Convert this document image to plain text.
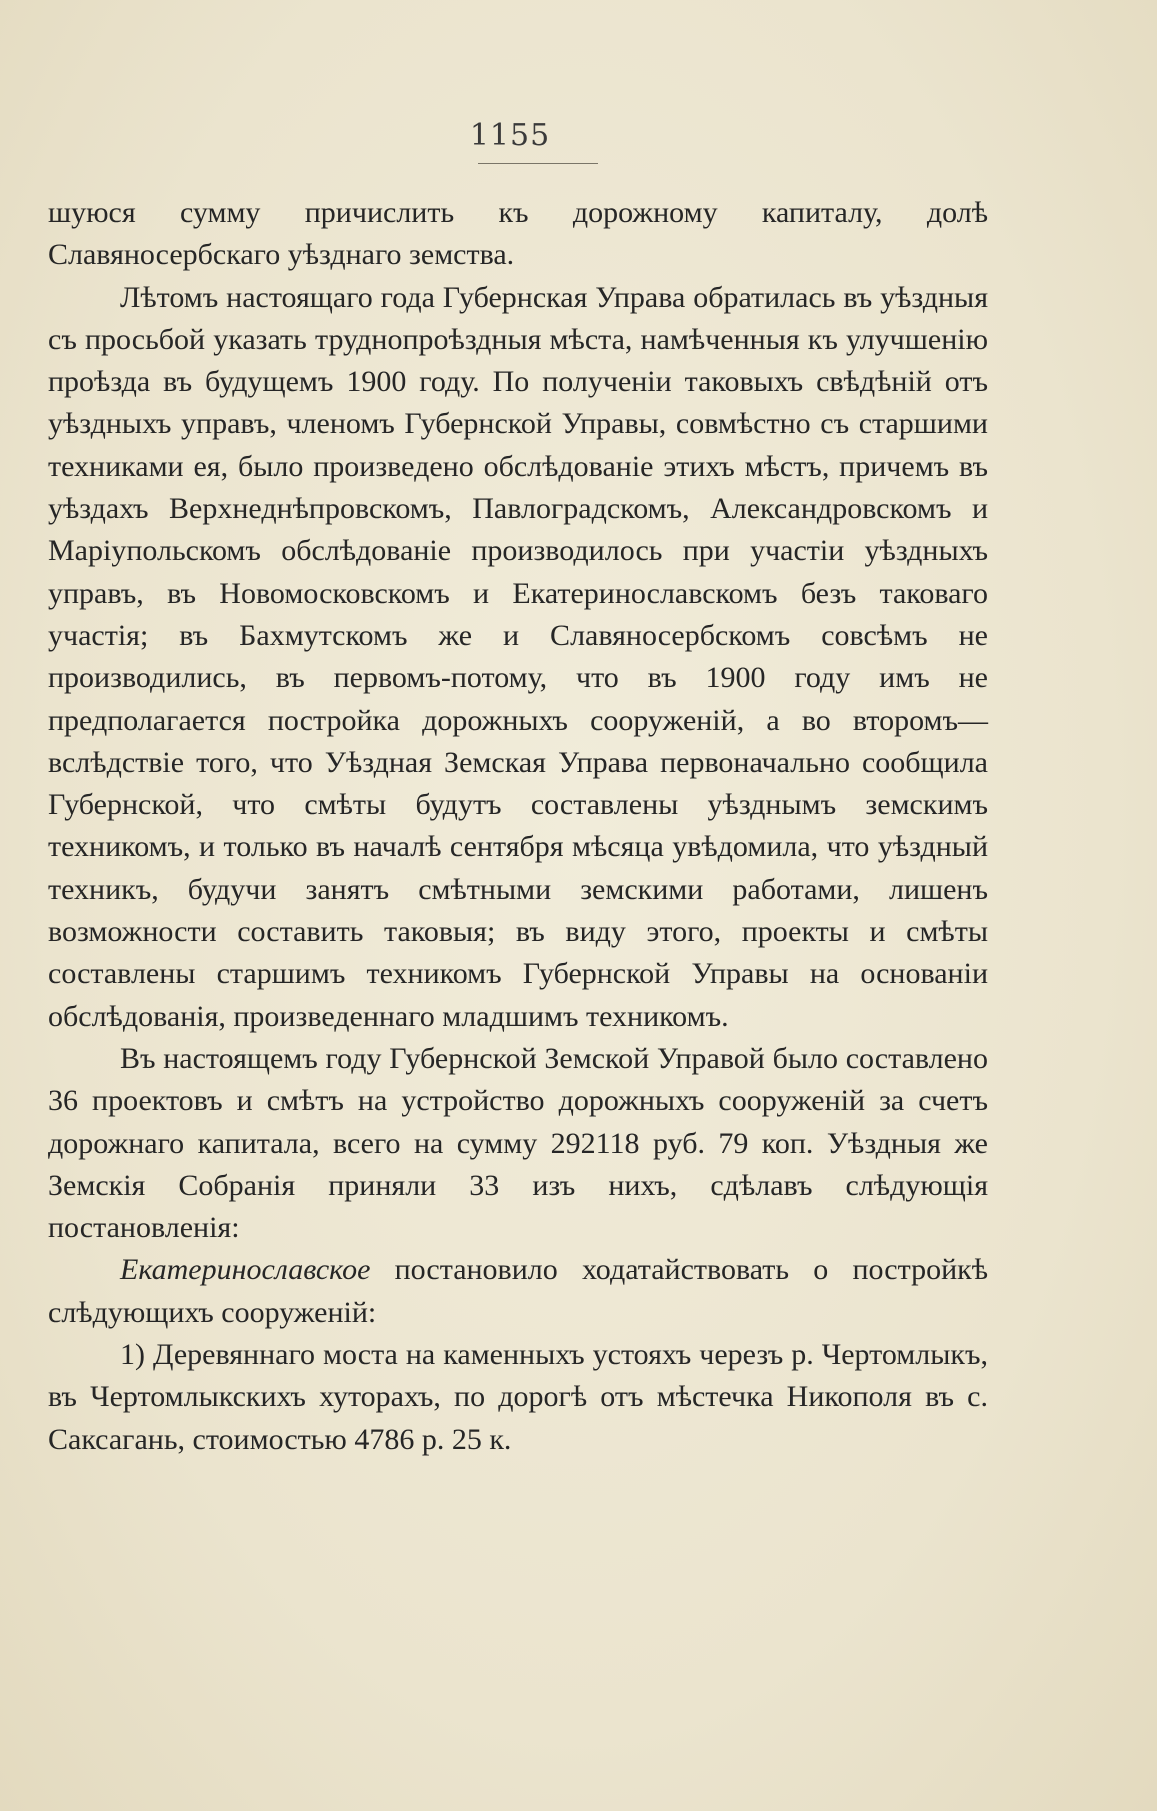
1155

шуюся сумму причислить къ дорожному капиталу, долѣ Славяносербскаго уѣзднаго земства.

Лѣтомъ настоящаго года Губернская Управа обратилась въ уѣздныя съ просьбой указать труднопроѣздныя мѣста, намѣченныя къ улучшенію проѣзда въ будущемъ 1900 году. По полученіи таковыхъ свѣдѣній отъ уѣздныхъ управъ, членомъ Губернской Управы, совмѣстно съ старшими техниками ея, было произведено обслѣдованіе этихъ мѣстъ, причемъ въ уѣздахъ Верхнеднѣпровскомъ, Павлоградскомъ, Александровскомъ и Маріупольскомъ обслѣдованіе производилось при участіи уѣздныхъ управъ, въ Новомосковскомъ и Екатеринославскомъ безъ таковаго участія; въ Бахмутскомъ же и Славяносербскомъ совсѣмъ не производились, въ первомъ-потому, что въ 1900 году имъ не предполагается постройка дорожныхъ сооруженій, а во второмъ—вслѣдствіе того, что Уѣздная Земская Управа первоначально сообщила Губернской, что смѣты будутъ составлены уѣзднымъ земскимъ техникомъ, и только въ началѣ сентября мѣсяца увѣдомила, что уѣздный техникъ, будучи занятъ смѣтными земскими работами, лишенъ возможности составить таковыя; въ виду этого, проекты и смѣты составлены старшимъ техникомъ Губернской Управы на основаніи обслѣдованія, произведеннаго младшимъ техникомъ.

Въ настоящемъ году Губернской Земской Управой было составлено 36 проектовъ и смѣтъ на устройство дорожныхъ сооруженій за счетъ дорожнаго капитала, всего на сумму 292118 руб. 79 коп. Уѣздныя же Земскія Собранія приняли 33 изъ нихъ, сдѣлавъ слѣдующія постановленія:

Екатеринославское постановило ходатайствовать о постройкѣ слѣдующихъ сооруженій:

1) Деревяннаго моста на каменныхъ устояхъ черезъ р. Чертомлыкъ, въ Чертомлыкскихъ хуторахъ, по дорогѣ отъ мѣстечка Никополя въ с. Саксагань, стоимостью 4786 р. 25 к.
